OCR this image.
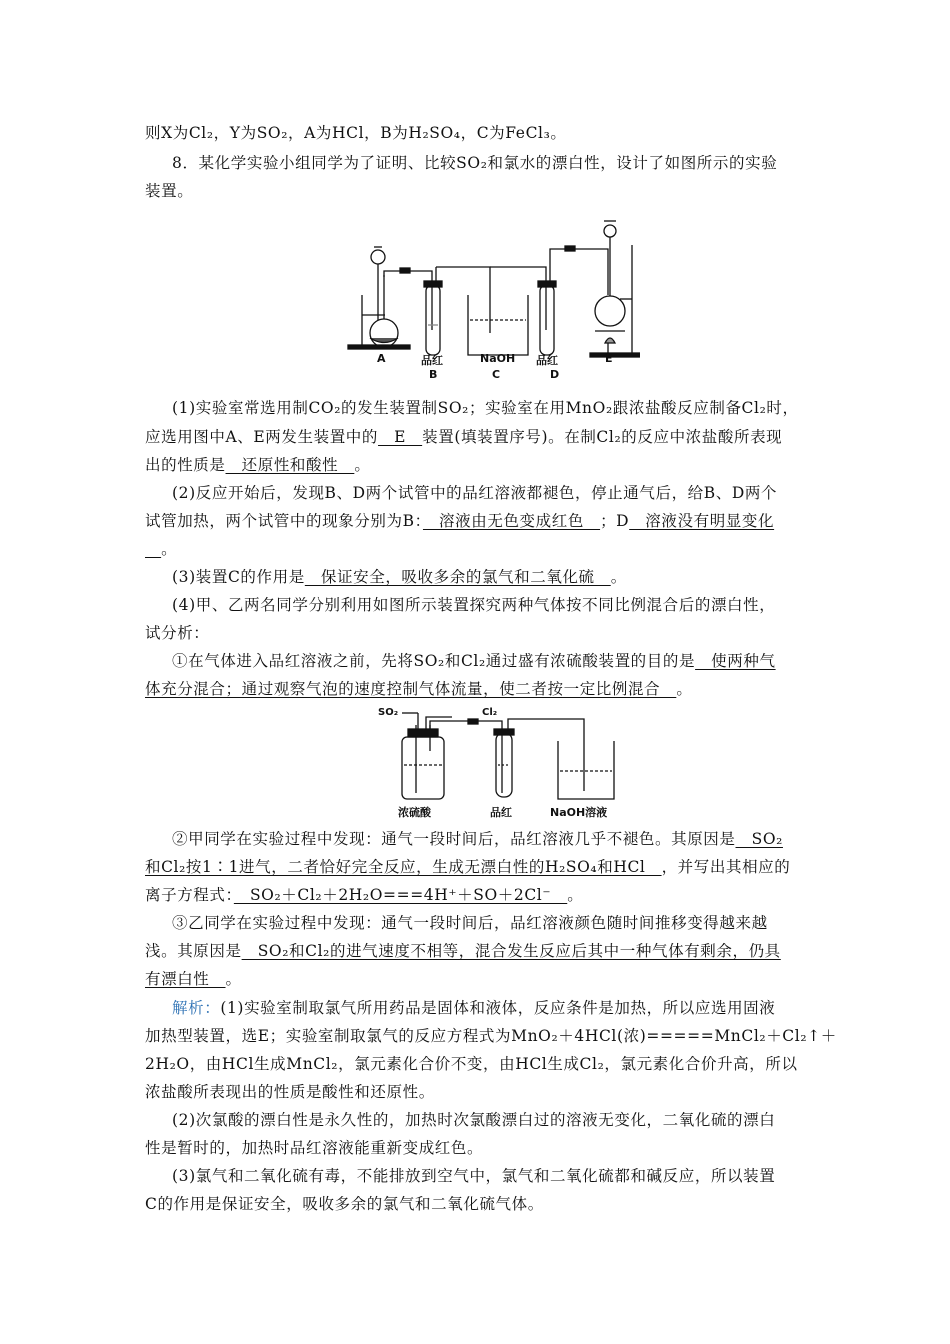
则X为Cl₂，Y为SO₂，A为HCl，B为H₂SO₄，C为FeCl₃。
8．某化学实验小组同学为了证明、比较SO₂和氯水的漂白性，设计了如图所示的实验
装置。
A	品红	NaOH 品红	E
B	C	D
(1)实验室常选用制CO₂的发生装置制SO₂；实验室在用MnO₂跟浓盐酸反应制备Cl₂时，
应选用图中A、E两发生装置中的　E　装置(填装置序号)。在制Cl₂的反应中浓盐酸所表现
出的性质是　还原性和酸性　。
(2)反应开始后，发现B、D两个试管中的品红溶液都褪色，停止通气后，给B、D两个
试管加热，两个试管中的现象分别为B：　溶液由无色变成红色　；D　溶液没有明显变化
　。
(3)装置C的作用是　保证安全，吸收多余的氯气和二氧化硫　。
(4)甲、乙两名同学分别利用如图所示装置探究两种气体按不同比例混合后的漂白性，
试分析：
①在气体进入品红溶液之前，先将SO₂和Cl₂通过盛有浓硫酸装置的目的是　使两种气
体充分混合；通过观察气泡的速度控制气体流量，使二者按一定比例混合　。
SO₂	Cl₂
浓硫酸	品红	NaOH溶液
②甲同学在实验过程中发现：通气一段时间后，品红溶液几乎不褪色。其原因是　SO₂
和Cl₂按1∶1进气，二者恰好完全反应，生成无漂白性的H₂SO₄和HCl　，并写出其相应的
离子方程式：　SO₂＋Cl₂＋2H₂O===4H⁺＋SO＋2Cl⁻　。
③乙同学在实验过程中发现：通气一段时间后，品红溶液颜色随时间推移变得越来越
浅。其原因是　SO₂和Cl₂的进气速度不相等，混合发生反应后其中一种气体有剩余，仍具
有漂白性　。
解析：(1)实验室制取氯气所用药品是固体和液体，反应条件是加热，所以应选用固液
加热型装置，选E；实验室制取氯气的反应方程式为MnO₂＋4HCl(浓)=====MnCl₂＋Cl₂↑＋
2H₂O，由HCl生成MnCl₂，氯元素化合价不变，由HCl生成Cl₂，氯元素化合价升高，所以
浓盐酸所表现出的性质是酸性和还原性。
(2)次氯酸的漂白性是永久性的，加热时次氯酸漂白过的溶液无变化，二氧化硫的漂白
性是暂时的，加热时品红溶液能重新变成红色。
(3)氯气和二氧化硫有毒，不能排放到空气中，氯气和二氧化硫都和碱反应，所以装置
C的作用是保证安全，吸收多余的氯气和二氧化硫气体。
